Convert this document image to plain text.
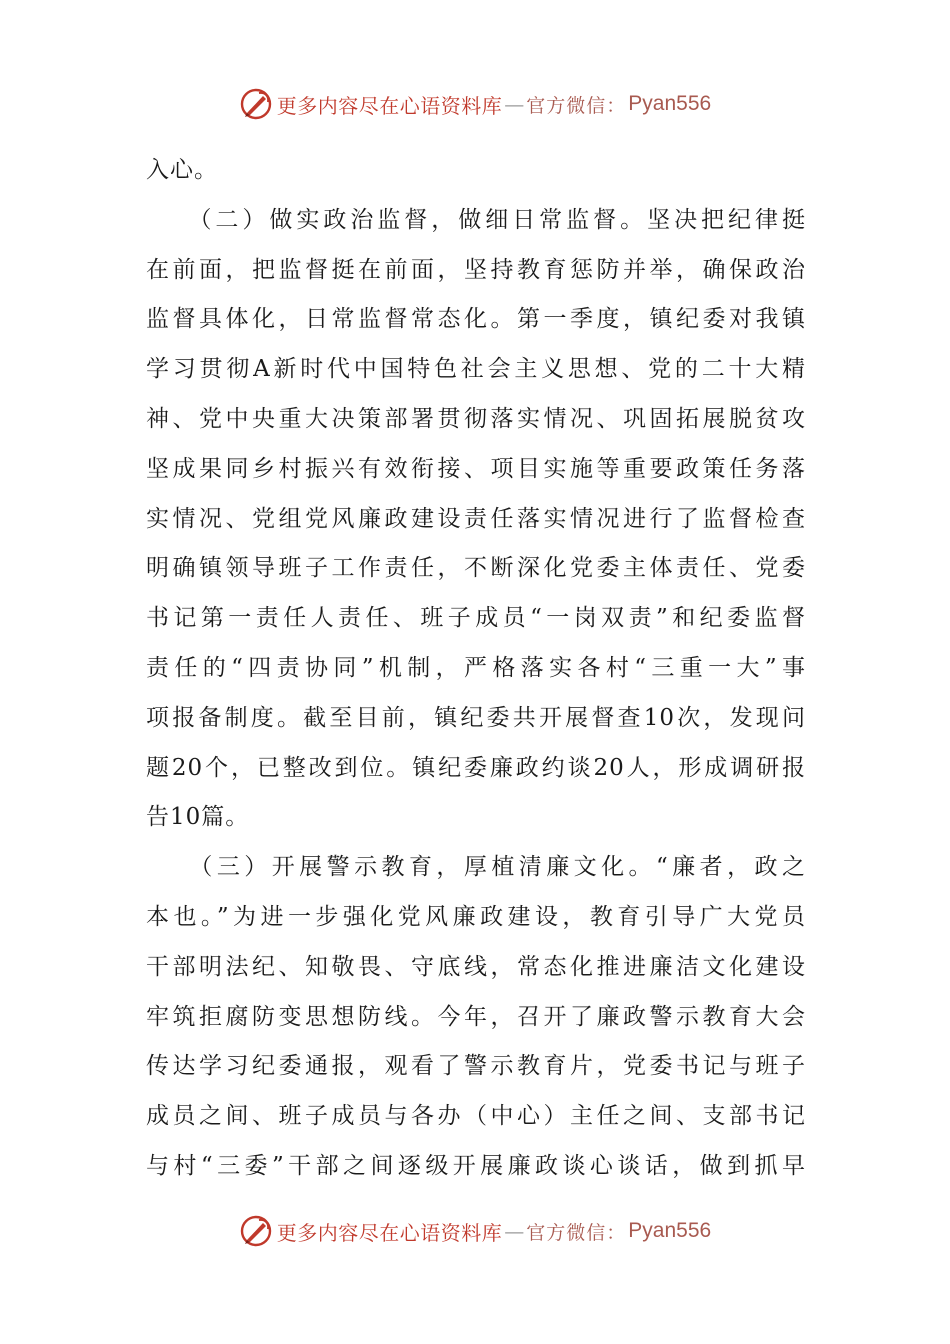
更多内容尽在心语资料库 — 官方微信： Pyan556
入心。
　　（二）做实政治监督，做细日常监督。坚决把纪律挺
在前面，把监督挺在前面，坚持教育惩防并举，确保政治
监督具体化，日常监督常态化。第一季度，镇纪委对我镇
学习贯彻A新时代中国特色社会主义思想、党的二十大精
神、党中央重大决策部署贯彻落实情况、巩固拓展脱贫攻
坚成果同乡村振兴有效衔接、项目实施等重要政策任务落
实情况、党组党风廉政建设责任落实情况进行了监督检查
明确镇领导班子工作责任，不断深化党委主体责任、党委
书记第一责任人责任、班子成员“一岗双责”和纪委监督
责任的“四责协同”机制，严格落实各村“三重一大”事
项报备制度。截至目前，镇纪委共开展督查10次，发现问
题20个，已整改到位。镇纪委廉政约谈20人，形成调研报
告10篇。
　　（三）开展警示教育，厚植清廉文化。“廉者，政之
本也。”为进一步强化党风廉政建设，教育引导广大党员
干部明法纪、知敬畏、守底线，常态化推进廉洁文化建设
牢筑拒腐防变思想防线。今年，召开了廉政警示教育大会
传达学习纪委通报，观看了警示教育片，党委书记与班子
成员之间、班子成员与各办（中心）主任之间、支部书记
与村“三委”干部之间逐级开展廉政谈心谈话，做到抓早
更多内容尽在心语资料库 — 官方微信： Pyan556
